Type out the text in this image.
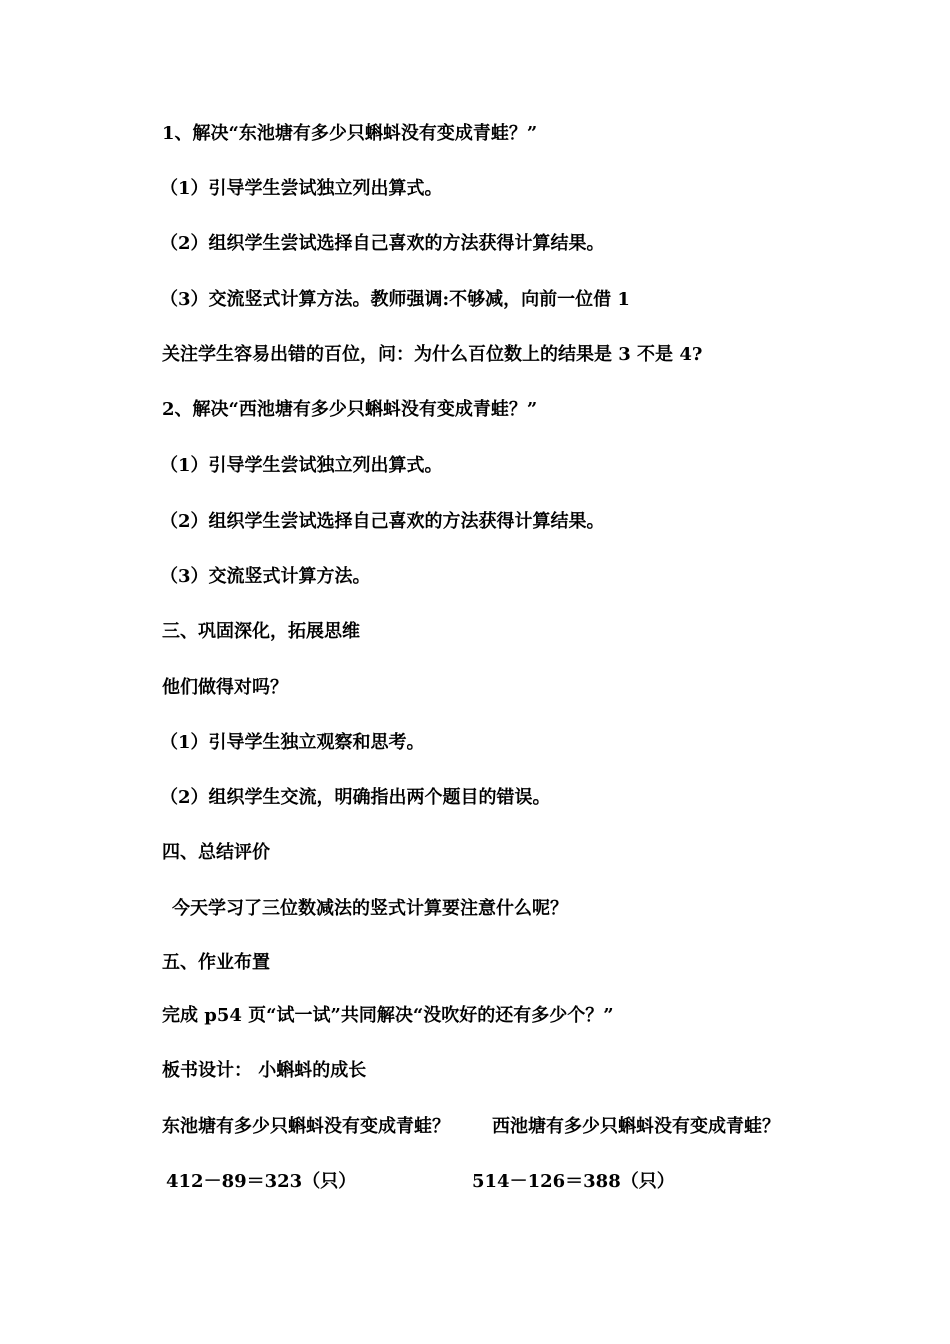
1、解决“东池塘有多少只蝌蚪没有变成青蛙？”
（1）引导学生尝试独立列出算式。
（2）组织学生尝试选择自己喜欢的方法获得计算结果。
（3）交流竖式计算方法。教师强调:不够减，向前一位借 1
关注学生容易出错的百位，问：为什么百位数上的结果是 3 不是 4?
2、解决“西池塘有多少只蝌蚪没有变成青蛙？”
（1）引导学生尝试独立列出算式。
（2）组织学生尝试选择自己喜欢的方法获得计算结果。
（3）交流竖式计算方法。
三、巩固深化，拓展思维
他们做得对吗？
（1）引导学生独立观察和思考。
（2）组织学生交流，明确指出两个题目的错误。
四、总结评价
今天学习了三位数减法的竖式计算要注意什么呢？
五、作业布置
完成 p54 页“试一试”共同解决“没吹好的还有多少个？”
板书设计： 小蝌蚪的成长
东池塘有多少只蝌蚪没有变成青蛙？ 西池塘有多少只蝌蚪没有变成青蛙？
412－89＝323（只）	514－126＝388（只）
